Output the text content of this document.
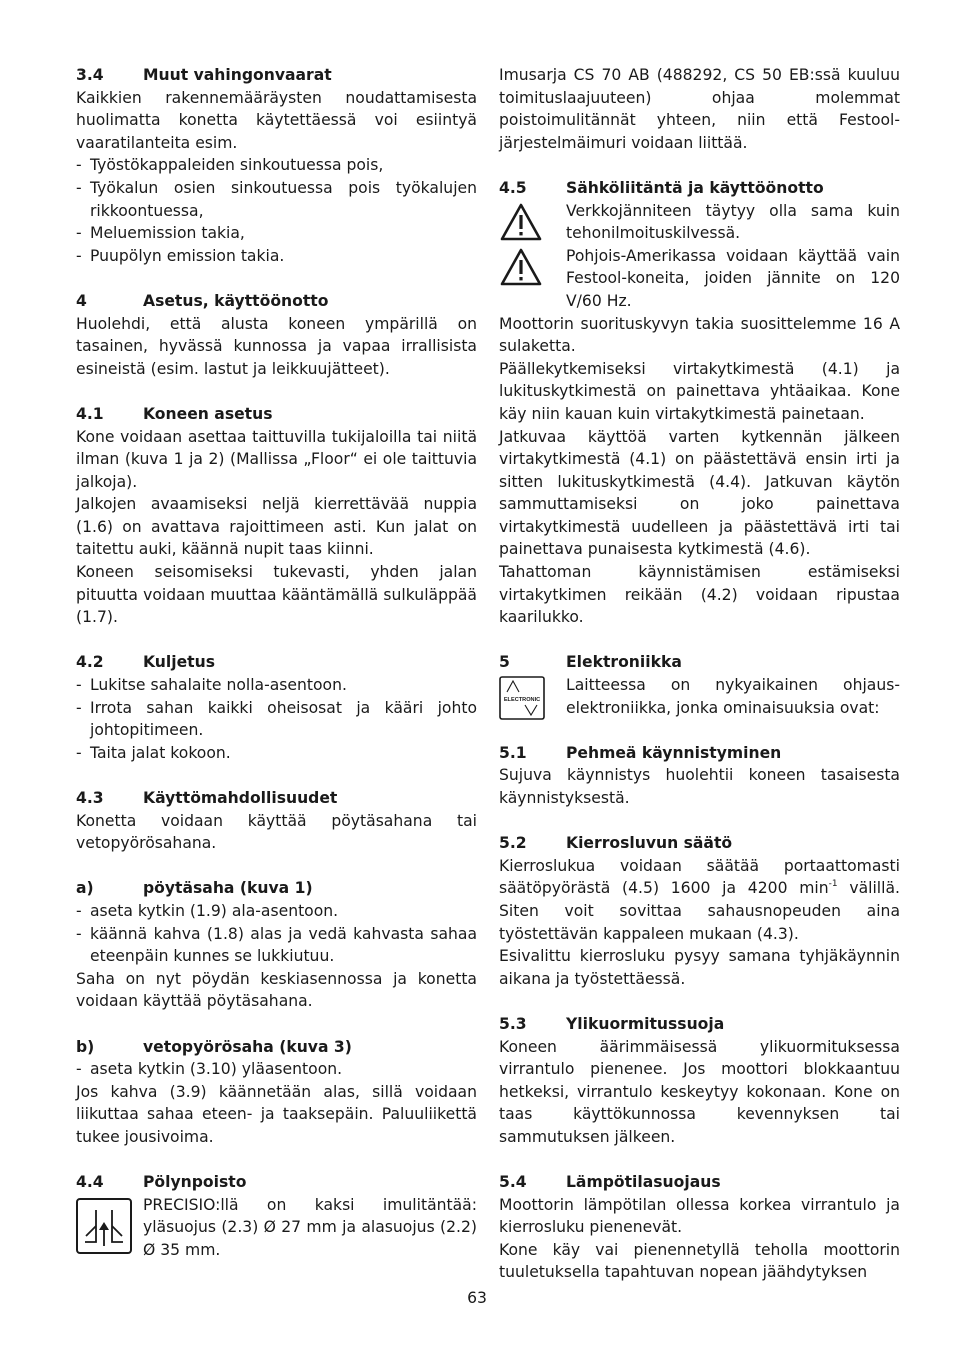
3.4	Muut vahingonvaarat
Kaikkien rakennemääräysten noudattamisesta huolimatta konetta käytettäessä voi esiintyä vaaratilanteita esim.
- Työstökappaleiden sinkoutuessa pois,
- Työkalun osien sinkoutuessa pois työkalujen rikkoontuessa,
- Meluemission takia,
- Puupölyn emission takia.
4	Asetus, käyttöönotto
Huolehdi, että alusta koneen ympärillä on tasainen, hyvässä kunnossa ja vapaa irrallisista esineistä (esim. lastut ja leikkuujätteet).
4.1	Koneen asetus
Kone voidaan asettaa taittuvilla tukijaloilla tai niitä ilman (kuva 1 ja 2) (Mallissa „Floor“ ei ole taittuvia jalkoja).
Jalkojen avaamiseksi neljä kierrettävää nuppia (1.6) on avattava rajoittimeen asti. Kun jalat on taitettu auki, käännä nupit taas kiinni.
Koneen seisomiseksi tukevasti, yhden jalan pituutta voidaan muuttaa kääntämällä sulkuläppää (1.7).
4.2	Kuljetus
- Lukitse sahalaite nolla-asentoon.
- Irrota sahan kaikki oheisosat ja kääri johto johtopitimeen.
- Taita jalat kokoon.
4.3	Käyttömahdollisuudet
Konetta voidaan käyttää pöytäsahana tai vetopyörösahana.
a)	pöytäsaha (kuva 1)
- aseta kytkin (1.9) ala-asentoon.
- käännä kahva (1.8) alas ja vedä kahvasta sahaa eteenpäin kunnes se lukkiutuu.
Saha on nyt pöydän keskiasennossa ja konetta voidaan käyttää pöytäsahana.
b)	vetopyörösaha (kuva 3)
- aseta kytkin (3.10) yläasentoon.
Jos kahva (3.9) käännetään alas, sillä voidaan liikuttaa sahaa eteen- ja taaksepäin. Paluuliikettä tukee jousivoima.
4.4	Pölynpoisto
PRECISIO:llä on kaksi imulitäntää: yläsuojus (2.3) Ø 27 mm ja alasuojus (2.2) Ø 35 mm.
Imusarja CS 70 AB (488292, CS 50 EB:ssä kuuluu toimituslaajuuteen) ohjaa molemmat poistoimulitännät yhteen, niin että Festool-järjestelmäimuri voidaan liittää.
4.5	Sähköliitäntä ja käyttöönotto
Verkkojänniteen täytyy olla sama kuin tehonilmoituskilvessä.
Pohjois-Amerikassa voidaan käyttää vain Festool-koneita, joiden jännite on 120 V/60 Hz.
Moottorin suorituskyvyn takia suosittelemme 16 A sulaketta.
Päällekytkemiseksi virtakytkimestä (4.1) ja lukituskytkimestä on painettava yhtäaikaa. Kone käy niin kauan kuin virtakytkimestä painetaan.
Jatkuvaa käyttöä varten kytkennän jälkeen virtakytkimestä (4.1) on päästettävä ensin irti ja sitten lukituskytkimestä (4.4). Jatkuvan käytön sammuttamiseksi on joko painettava virtakytkimestä uudelleen ja päästettävä irti tai painettava punaisesta kytkimestä (4.6).
Tahattoman käynnistämisen estämiseksi virtakytkimen reikään (4.2) voidaan ripustaa kaarilukko.
5	Elektroniikka
ELECTRONIC
Laitteessa on nykyaikainen ohjaus-elektroniikka, jonka ominaisuuksia ovat:
5.1	Pehmeä käynnistyminen
Sujuva käynnistys huolehtii koneen tasaisesta käynnistyksestä.
5.2	Kierrosluvun säätö
Kierroslukua voidaan säätää portaattomasti säätöpyörästä (4.5) 1600 ja 4200 $\min^{-1}$ välillä. Siten voit sovittaa sahausnopeuden aina työstettävän kappaleen mukaan (4.3).
Esivalittu kierrosluku pysyy samana tyhjäkäynnin aikana ja työstettäessä.
5.3	Ylikuormitussuoja
Koneen äärimmäisessä ylikuormituksessa virrantulo pienenee. Jos moottori blokkaantuu hetkeksi, virrantulo keskeytyy kokonaan. Kone on taas käyttökunnossa kevennyksen tai sammutuksen jälkeen.
5.4	Lämpötilasuojaus
Moottorin lämpötilan ollessa korkea virrantulo ja kierrosluku pienenevät.
Kone käy vai pienennetyllä teholla moottorin tuuletuksella tapahtuvan nopean jäähdytyksen
63
